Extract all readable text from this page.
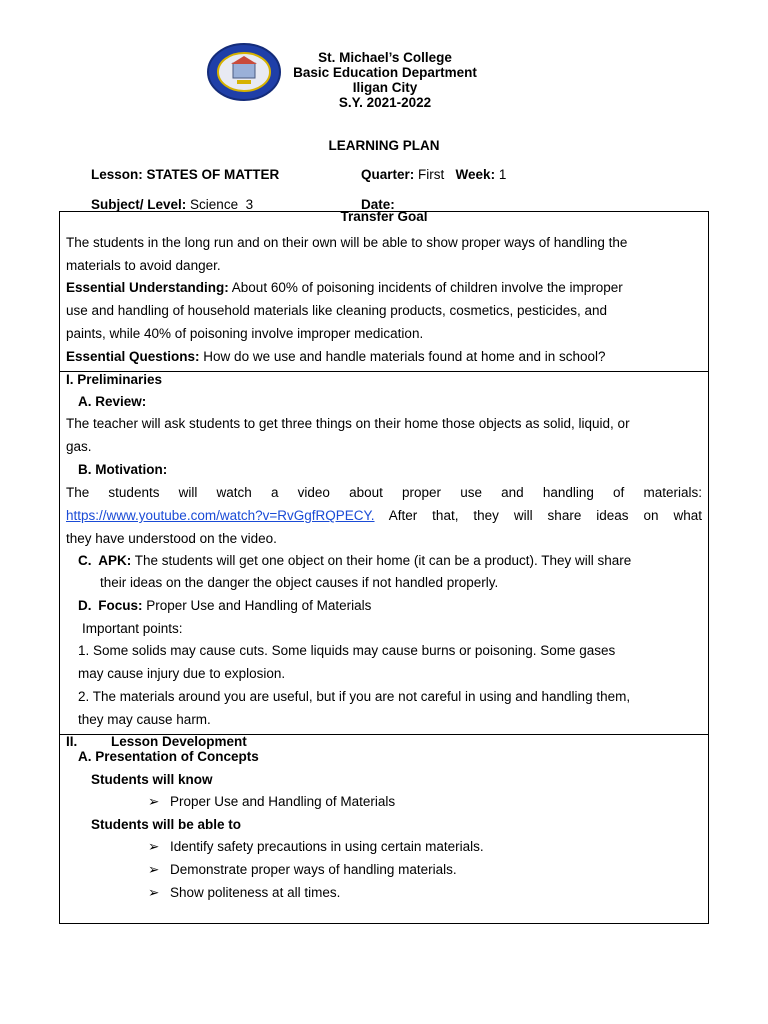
St. Michael’s College
Basic Education Department
Iligan City
S.Y. 2021-2022
LEARNING PLAN
Lesson: STATES OF MATTER	Quarter: First Week: 1
Subject/ Level: Science  3	Date:
Transfer Goal
The students in the long run and on their own will be able to show proper ways of handling the
materials to avoid danger.
Essential Understanding: About 60% of poisoning incidents of children involve the improper
use and handling of household materials like cleaning products, cosmetics, pesticides, and
paints, while 40% of poisoning involve improper medication.
Essential Questions: How do we use and handle materials found at home and in school?
I. Preliminaries
A. Review:
The teacher will ask students to get three things on their home those objects as solid, liquid, or
gas.
B. Motivation:
The students will watch a video about proper use and handling of materials:
https://www.youtube.com/watch?v=RvGgfRQPECY. After that, they will share ideas on what
they have understood on the video.
C. APK: The students will get one object on their home (it can be a product). They will share
their ideas on the danger the object causes if not handled properly.
D. Focus: Proper Use and Handling of Materials
Important points:
1. Some solids may cause cuts. Some liquids may cause burns or poisoning. Some gases
may cause injury due to explosion.
2. The materials around you are useful, but if you are not careful in using and handling them,
they may cause harm.
II. Lesson Development
A. Presentation of Concepts
Students will know
➢ Proper Use and Handling of Materials
Students will be able to
➢ Identify safety precautions in using certain materials.
➢ Demonstrate proper ways of handling materials.
➢ Show politeness at all times.
